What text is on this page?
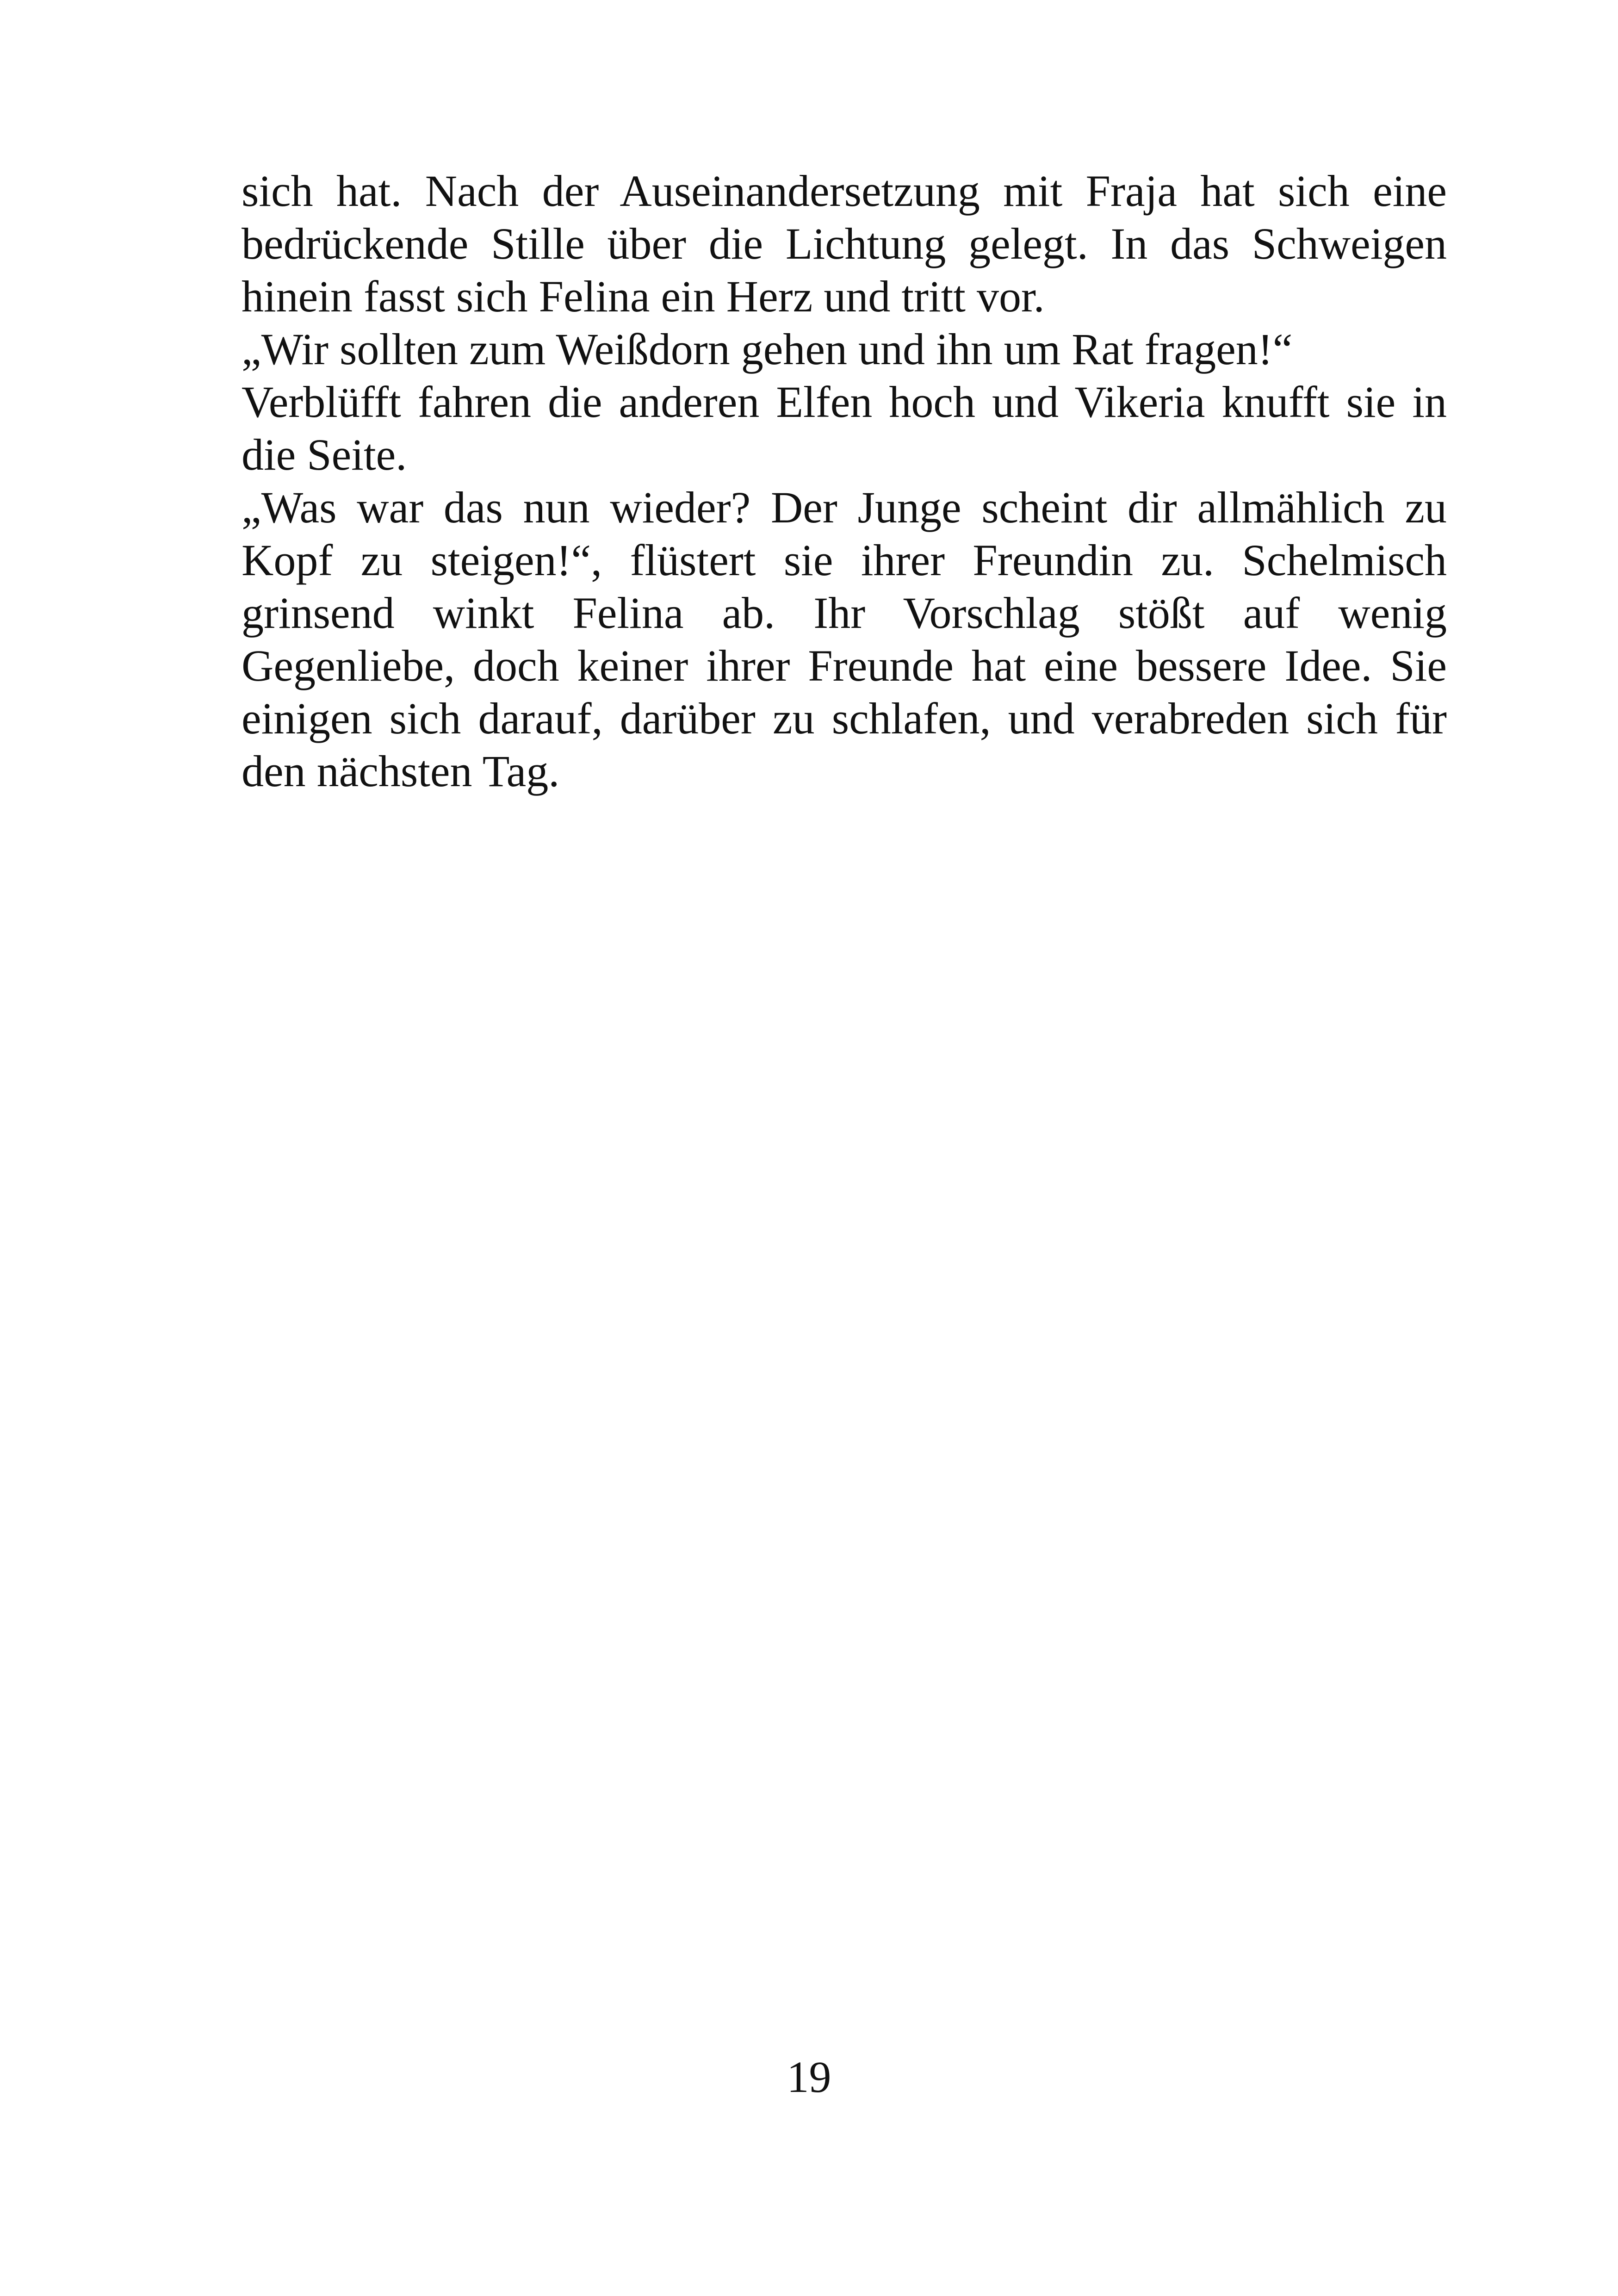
sich hat. Nach der Auseinandersetzung mit Fraja hat sich eine bedrückende Stille über die Lichtung gelegt. In das Schweigen hinein fasst sich Felina ein Herz und tritt vor.

„Wir sollten zum Weißdorn gehen und ihn um Rat fragen!“

Verblüfft fahren die anderen Elfen hoch und Vikeria knufft sie in die Seite.

„Was war das nun wieder? Der Junge scheint dir allmählich zu Kopf zu steigen!“, flüstert sie ihrer Freundin zu. Schelmisch grinsend winkt Felina ab. Ihr Vorschlag stößt auf wenig Gegenliebe, doch keiner ihrer Freunde hat eine bessere Idee. Sie einigen sich darauf, darüber zu schlafen, und verabreden sich für den nächsten Tag.

19
